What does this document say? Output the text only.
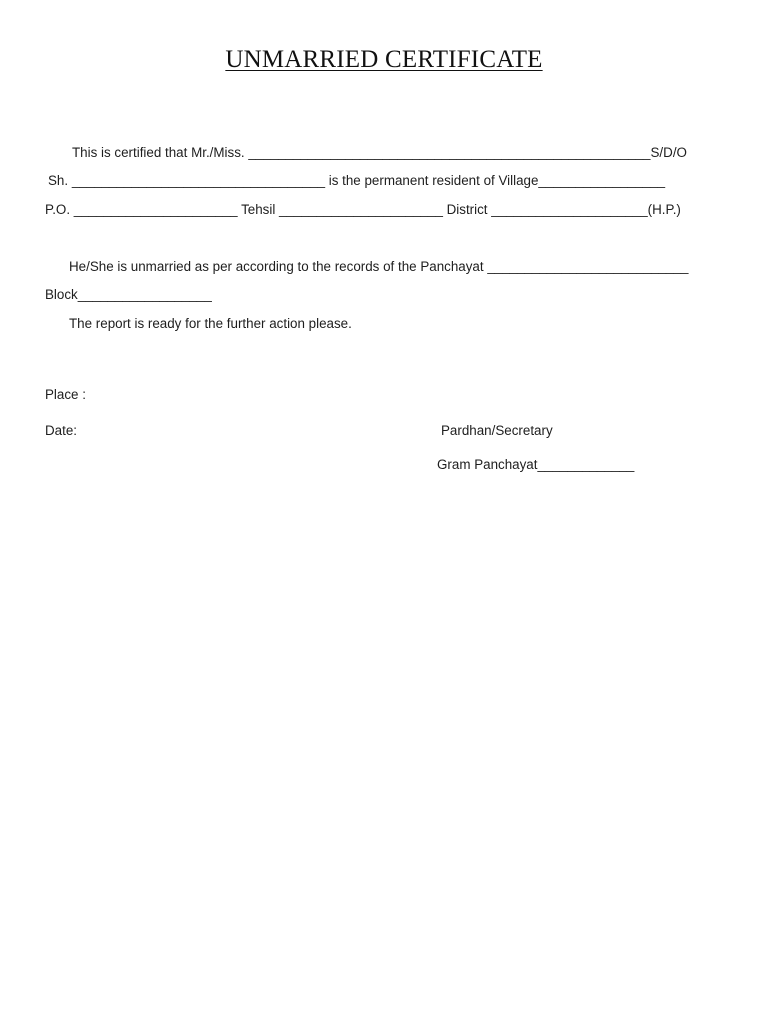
UNMARRIED CERTIFICATE
This is certified that Mr./Miss. ______________________________________________________S/D/O
Sh. __________________________________ is the permanent resident of Village_________________
P.O. ______________________ Tehsil ______________________ District _____________________(H.P.)
He/She is unmarried as per according to the records of the Panchayat ___________________________
Block__________________
The report is ready for the further action please.
Place :
Date:	Pardhan/Secretary
Gram Panchayat_____________
